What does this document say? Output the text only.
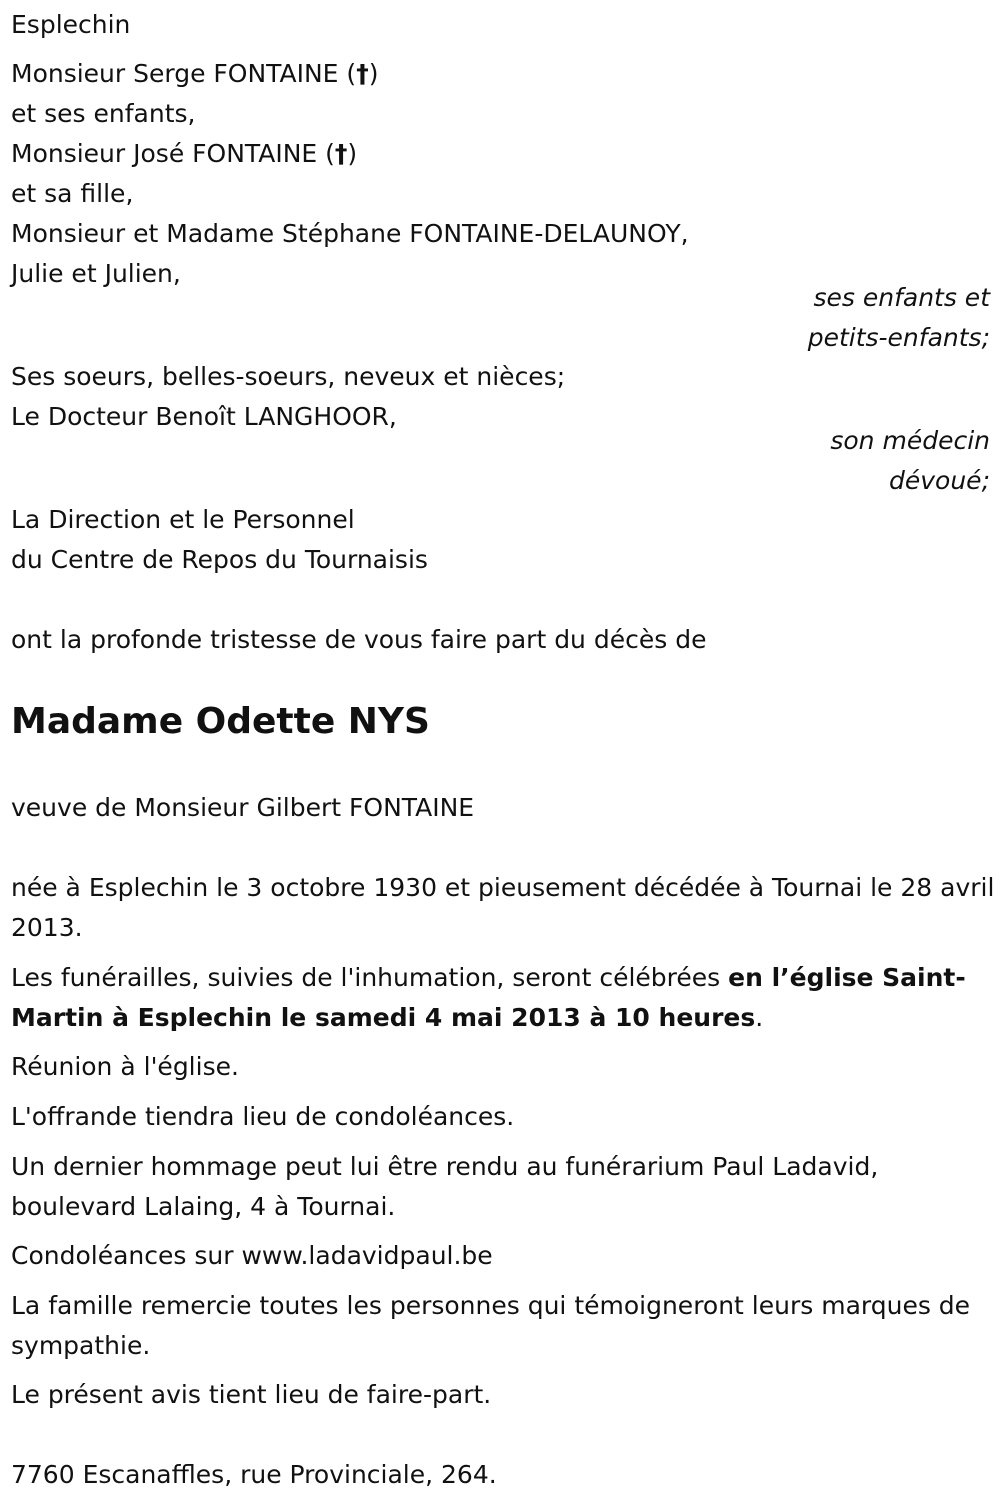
Esplechin
Monsieur Serge FONTAINE (†)
et ses enfants,
Monsieur José FONTAINE (†)
et sa fille,
Monsieur et Madame Stéphane FONTAINE-DELAUNOY,
Julie et Julien,
ses enfants et
petits-enfants;
Ses soeurs, belles-soeurs, neveux et nièces;
Le Docteur Benoît LANGHOOR,
son médecin
dévoué;
La Direction et le Personnel
du Centre de Repos du Tournaisis
ont la profonde tristesse de vous faire part du décès de
Madame Odette NYS
veuve de Monsieur Gilbert FONTAINE
née à Esplechin le 3 octobre 1930 et pieusement décédée à Tournai le 28 avril 2013.
Les funérailles, suivies de l'inhumation, seront célébrées en l’église Saint-Martin à Esplechin le samedi 4 mai 2013 à 10 heures.
Réunion à l'église.
L'offrande tiendra lieu de condoléances.
Un dernier hommage peut lui être rendu au funérarium Paul Ladavid, boulevard Lalaing, 4 à Tournai.
Condoléances sur www.ladavidpaul.be
La famille remercie toutes les personnes qui témoigneront leurs marques de sympathie.
Le présent avis tient lieu de faire-part.
7760 Escanaffles, rue Provinciale, 264.
